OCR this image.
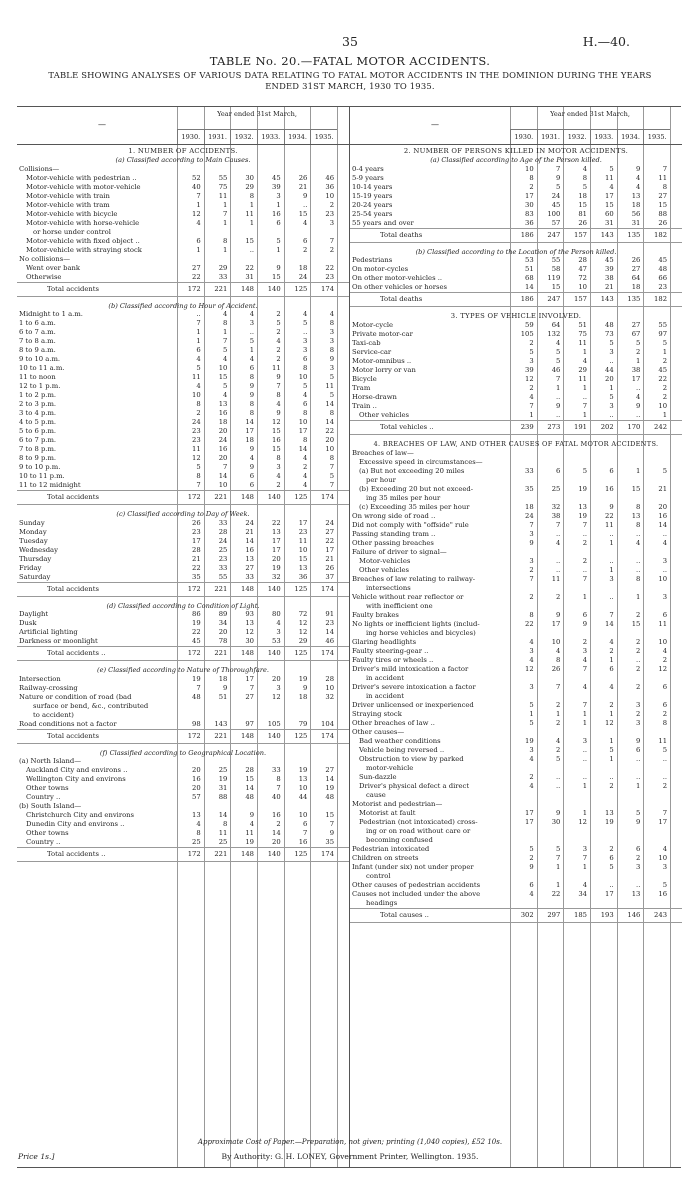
35	H.—40.
TABLE No. 20.—FATAL MOTOR ACCIDENTS.
TABLE SHOWING ANALYSES OF VARIOUS DATA RELATING TO FATAL MOTOR ACCIDENTS IN THE DOMINION DURING THE YEARS ENDED 31ST MARCH, 1930 TO 1935.
—
Year ended 31st March,
1930.	1931.	1932.	1933.	1934.	1935.
1. NUMBER OF ACCIDENTS.
(a) Classified according to Main Causes.
Collisions—
Motor-vehicle with pedestrian ..	52	55	30	45	26	46
Motor-vehicle with motor-vehicle	40	75	29	39	21	36
Motor-vehicle with train	7	11	8	3	9	10
Motor-vehicle with tram	1	1	1	1	..	2
Motor-vehicle with bicycle	12	7	11	16	15	23
Motor-vehicle with horse-vehicle	4	1	1	6	4	3
or horse under control
Motor-vehicle with fixed object ..	6	8	15	5	6	7
Motor-vehicle with straying stock	1	1	..	1	2	2
No collisions—
Went over bank	27	29	22	9	18	22
Otherwise	22	33	31	15	24	23
Total accidents	172	221	148	140	125	174
(b) Classified according to Hour of Accident.
Midnight to 1 a.m.	..	4	4	2	4	4
1 to 6 a.m.	7	8	3	5	5	8
6 to 7 a.m.	1	1	..	2	..	3
7 to 8 a.m.	1	7	5	4	3	3
8 to 9 a.m.	6	5	1	2	3	8
9 to 10 a.m.	4	4	4	2	6	9
10 to 11 a.m.	5	10	6	11	8	3
11 to noon	11	15	8	9	10	5
12 to 1 p.m.	4	5	9	7	5	11
1 to 2 p.m.	10	4	9	8	4	5
2 to 3 p.m.	8	13	8	4	6	14
3 to 4 p.m.	2	16	8	9	8	8
4 to 5 p.m.	24	18	14	12	10	14
5 to 6 p.m.	23	20	17	15	17	22
6 to 7 p.m.	23	24	18	16	8	20
7 to 8 p.m.	11	16	9	15	14	10
8 to 9 p.m.	12	20	4	8	4	8
9 to 10 p.m.	5	7	9	3	2	7
10 to 11 p.m.	8	14	6	4	4	5
11 to 12 midnight	7	10	6	2	4	7
Total accidents	172	221	148	140	125	174
(c) Classified according to Day of Week.
Sunday	26	33	24	22	17	24
Monday	23	28	21	13	23	27
Tuesday	17	24	14	17	11	22
Wednesday	28	25	16	17	10	17
Thursday	21	23	13	20	15	21
Friday	22	33	27	19	13	26
Saturday	35	55	33	32	36	37
Total accidents	172	221	148	140	125	174
(d) Classified according to Condition of Light.
Daylight	86	89	93	80	72	91
Dusk	19	34	13	4	12	23
Artificial lighting	22	20	12	3	12	14
Darkness or moonlight	45	78	30	53	29	46
Total accidents ..	172	221	148	140	125	174
(e) Classified according to Nature of Thoroughfare.
Intersection	19	18	17	20	19	28
Railway-crossing	7	9	7	3	9	10
Nature or condition of road (bad	48	51	27	12	18	32
surface or bend, &c., contributed
to accident)
Road conditions not a factor	98	143	97	105	79	104
Total accidents	172	221	148	140	125	174
(f) Classified according to Geographical Location.
(a) North Island—
Auckland City and environs ..	20	25	28	33	19	27
Wellington City and environs	16	19	15	8	13	14
Other towns	20	31	14	7	10	19
Country ..	57	88	48	40	44	48
(b) South Island—
Christchurch City and environs	13	14	9	16	10	15
Dunedin City and environs ..	4	8	4	2	6	7
Other towns	8	11	11	14	7	9
Country ..	25	25	19	20	16	35
Total accidents ..	172	221	148	140	125	174
—
Year ended 31st March,
1930.	1931.	1932.	1933.	1934.	1935.
2. NUMBER OF PERSONS KILLED IN MOTOR ACCIDENTS.
(a) Classified according to Age of the Person killed.
0-4 years	10	7	4	5	9	7
5-9 years	8	9	8	11	4	11
10-14 years	2	5	5	4	4	8
15-19 years	17	24	18	17	13	27
20-24 years	30	45	15	15	18	15
25-54 years	83	100	81	60	56	88
55 years and over	36	57	26	31	31	26
Total deaths	186	247	157	143	135	182
(b) Classified according to the Location of the Person killed.
Pedestrians	53	55	28	45	26	45
On motor-cycles	51	58	47	39	27	48
On other motor-vehicles ..	68	119	72	38	64	66
On other vehicles or horses	14	15	10	21	18	23
Total deaths	186	247	157	143	135	182
3. TYPES OF VEHICLE INVOLVED.
Motor-cycle	59	64	51	48	27	55
Private motor-car	105	132	75	73	67	97
Taxi-cab	2	4	11	5	5	5
Service-car	5	5	1	3	2	1
Motor-omnibus ..	3	5	4	..	1	2
Motor lorry or van	39	46	29	44	38	45
Bicycle	12	7	11	20	17	22
Tram	2	1	1	1	..	2
Horse-drawn	4	..	..	5	4	2
Train ..	7	9	7	3	9	10
Other vehicles	1	..	1	..	..	1
Total vehicles ..	239	273	191	202	170	242
4. BREACHES OF LAW, AND OTHER CAUSES OF FATAL MOTOR ACCIDENTS.
Breaches of law—
Excessive speed in circumstances—
(a) But not exceeding 20 miles	33	6	5	6	1	5
per hour
(b) Exceeding 20 but not exceed-	35	25	19	16	15	21
ing 35 miles per hour
(c) Exceeding 35 miles per hour	18	32	13	9	8	20
On wrong side of road ..	24	38	19	22	13	16
Did not comply with "offside" rule	7	7	7	11	8	14
Passing standing tram ..	3	..	..	..	..	..
Other passing breaches	9	4	2	1	4	4
Failure of driver to signal—
Motor-vehicles	3	..	2	..	..	3
Other vehicles	2	..	..	1	..	..
Breaches of law relating to railway-	7	11	7	3	8	10
intersections
Vehicle without rear reflector or	2	2	1	..	1	3
with inefficient one
Faulty brakes	8	9	6	7	2	6
No lights or inefficient lights (includ-	22	17	9	14	15	11
ing horse vehicles and bicycles)
Glaring headlights	4	10	2	4	2	10
Faulty steering-gear ..	3	4	3	2	2	4
Faulty tires or wheels ..	4	8	4	1	..	2
Driver's mild intoxication a factor	12	26	7	6	2	12
in accident
Driver's severe intoxication a factor	3	7	4	4	2	6
in accident
Driver unlicensed or inexperienced	5	2	7	2	3	6
Straying stock	1	1	1	1	2	2
Other breaches of law ..	5	2	1	12	3	8
Other causes—
Bad weather conditions	19	4	3	1	9	11
Vehicle being reversed ..	3	2	..	5	6	5
Obstruction to view by parked	4	5	..	1	..	..
motor-vehicle
Sun-dazzle	2	..	..	..	..	..
Driver's physical defect a direct	4	..	1	2	1	2
cause
Motorist and pedestrian—
Motorist at fault	17	9	1	13	5	7
Pedestrian (not intoxicated) cross-	17	30	12	19	9	17
ing or on road without care or
becoming confused
Pedestrian intoxicated	5	5	3	2	6	4
Children on streets	2	7	7	6	2	10
Infant (under six) not under proper	9	1	1	5	3	3
control
Other causes of pedestrian accidents	6	1	4	..	..	5
Causes not included under the above	4	22	34	17	13	16
headings
Total causes ..	302	297	185	193	146	243
Approximate Cost of Paper.—Preparation, not given; printing (1,040 copies), £52 10s.
Price 1s.]	By Authority: G. H. LONEY, Government Printer, Wellington. 1935.
